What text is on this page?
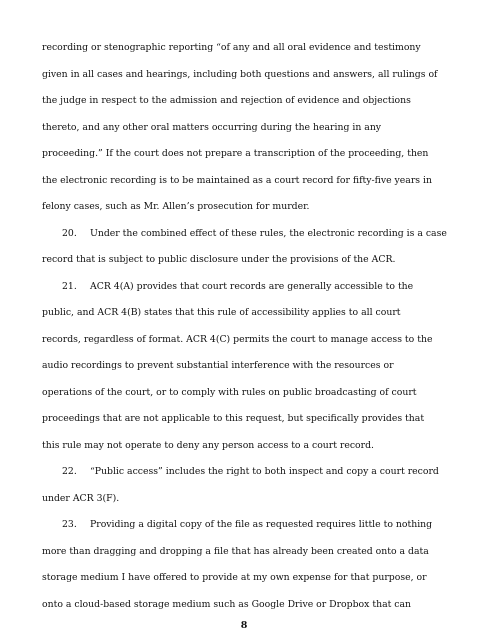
recording or stenographic reporting “of any and all oral evidence and testimony
given in all cases and hearings, including both questions and answers, all rulings of
the judge in respect to the admission and rejection of evidence and objections
thereto, and any other oral matters occurring during the hearing in any
proceeding.” If the court does not prepare a transcription of the proceeding, then
the electronic recording is to be maintained as a court record for fifty-five years in
felony cases, such as Mr. Allen’s prosecution for murder.
20. Under the combined effect of these rules, the electronic recording is a case
record that is subject to public disclosure under the provisions of the ACR.
21. ACR 4(A) provides that court records are generally accessible to the
public, and ACR 4(B) states that this rule of accessibility applies to all court
records, regardless of format. ACR 4(C) permits the court to manage access to the
audio recordings to prevent substantial interference with the resources or
operations of the court, or to comply with rules on public broadcasting of court
proceedings that are not applicable to this request, but specifically provides that
this rule may not operate to deny any person access to a court record.
22. “Public access” includes the right to both inspect and copy a court record
under ACR 3(F).
23. Providing a digital copy of the file as requested requires little to nothing
more than dragging and dropping a file that has already been created onto a data
storage medium I have offered to provide at my own expense for that purpose, or
onto a cloud-based storage medium such as Google Drive or Dropbox that can
8
